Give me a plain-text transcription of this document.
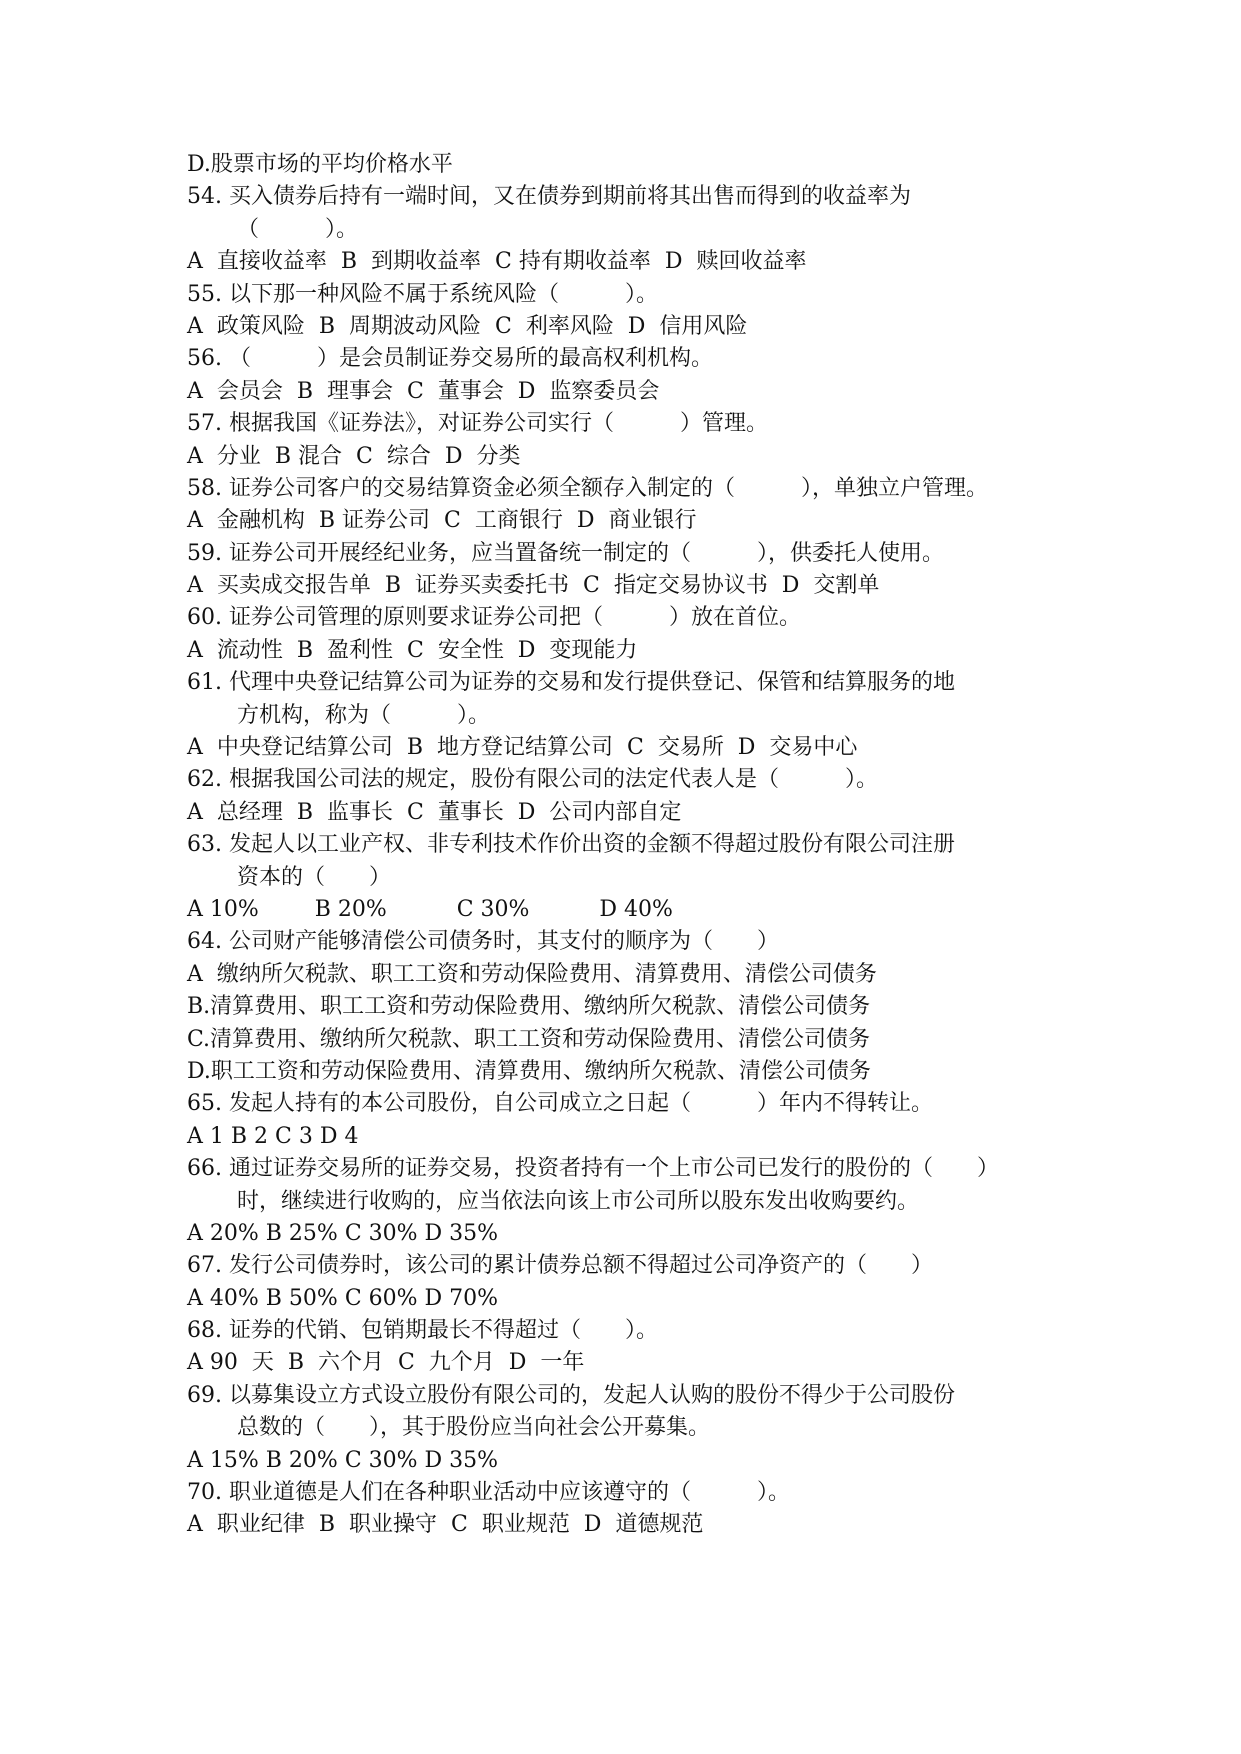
D.股票市场的平均价格水平
54. 买入债券后持有一端时间，又在债券到期前将其出售而得到的收益率为
（　　　）。
A  直接收益率  B  到期收益率  C 持有期收益率  D  赎回收益率
55. 以下那一种风险不属于系统风险（　　　）。
A  政策风险  B  周期波动风险  C  利率风险  D  信用风险
56. （　　　）是会员制证券交易所的最高权利机构。
A  会员会  B  理事会  C  董事会  D  监察委员会
57. 根据我国《证券法》，对证券公司实行（　　　）管理。
A  分业  B 混合  C  综合  D  分类
58. 证券公司客户的交易结算资金必须全额存入制定的（　　　），单独立户管理。
A  金融机构  B 证券公司  C  工商银行  D  商业银行
59. 证券公司开展经纪业务，应当置备统一制定的（　　　），供委托人使用。
A  买卖成交报告单  B  证券买卖委托书  C  指定交易协议书  D  交割单
60. 证券公司管理的原则要求证券公司把（　　　）放在首位。
A  流动性  B  盈利性  C  安全性  D  变现能力
61. 代理中央登记结算公司为证券的交易和发行提供登记、保管和结算服务的地
方机构，称为（　　　）。
A  中央登记结算公司  B  地方登记结算公司  C  交易所  D  交易中心
62. 根据我国公司法的规定，股份有限公司的法定代表人是（　　　）。
A  总经理  B  监事长  C  董事长  D  公司内部自定
63. 发起人以工业产权、非专利技术作价出资的金额不得超过股份有限公司注册
资本的（　　）
A 10%        B 20%          C 30%          D 40%
64. 公司财产能够清偿公司债务时，其支付的顺序为（　　）
A  缴纳所欠税款、职工工资和劳动保险费用、清算费用、清偿公司债务
B.清算费用、职工工资和劳动保险费用、缴纳所欠税款、清偿公司债务
C.清算费用、缴纳所欠税款、职工工资和劳动保险费用、清偿公司债务
D.职工工资和劳动保险费用、清算费用、缴纳所欠税款、清偿公司债务
65. 发起人持有的本公司股份，自公司成立之日起（　　　）年内不得转让。
A 1 B 2 C 3 D 4
66. 通过证券交易所的证券交易，投资者持有一个上市公司已发行的股份的（　　）
时，继续进行收购的，应当依法向该上市公司所以股东发出收购要约。
A 20% B 25% C 30% D 35%
67. 发行公司债券时，该公司的累计债券总额不得超过公司净资产的（　　）
A 40% B 50% C 60% D 70%
68. 证券的代销、包销期最长不得超过（　　）。
A 90  天  B  六个月  C  九个月  D  一年
69. 以募集设立方式设立股份有限公司的，发起人认购的股份不得少于公司股份
总数的（　　），其于股份应当向社会公开募集。
A 15% B 20% C 30% D 35%
70. 职业道德是人们在各种职业活动中应该遵守的（　　　）。
A  职业纪律  B  职业操守  C  职业规范  D  道德规范
